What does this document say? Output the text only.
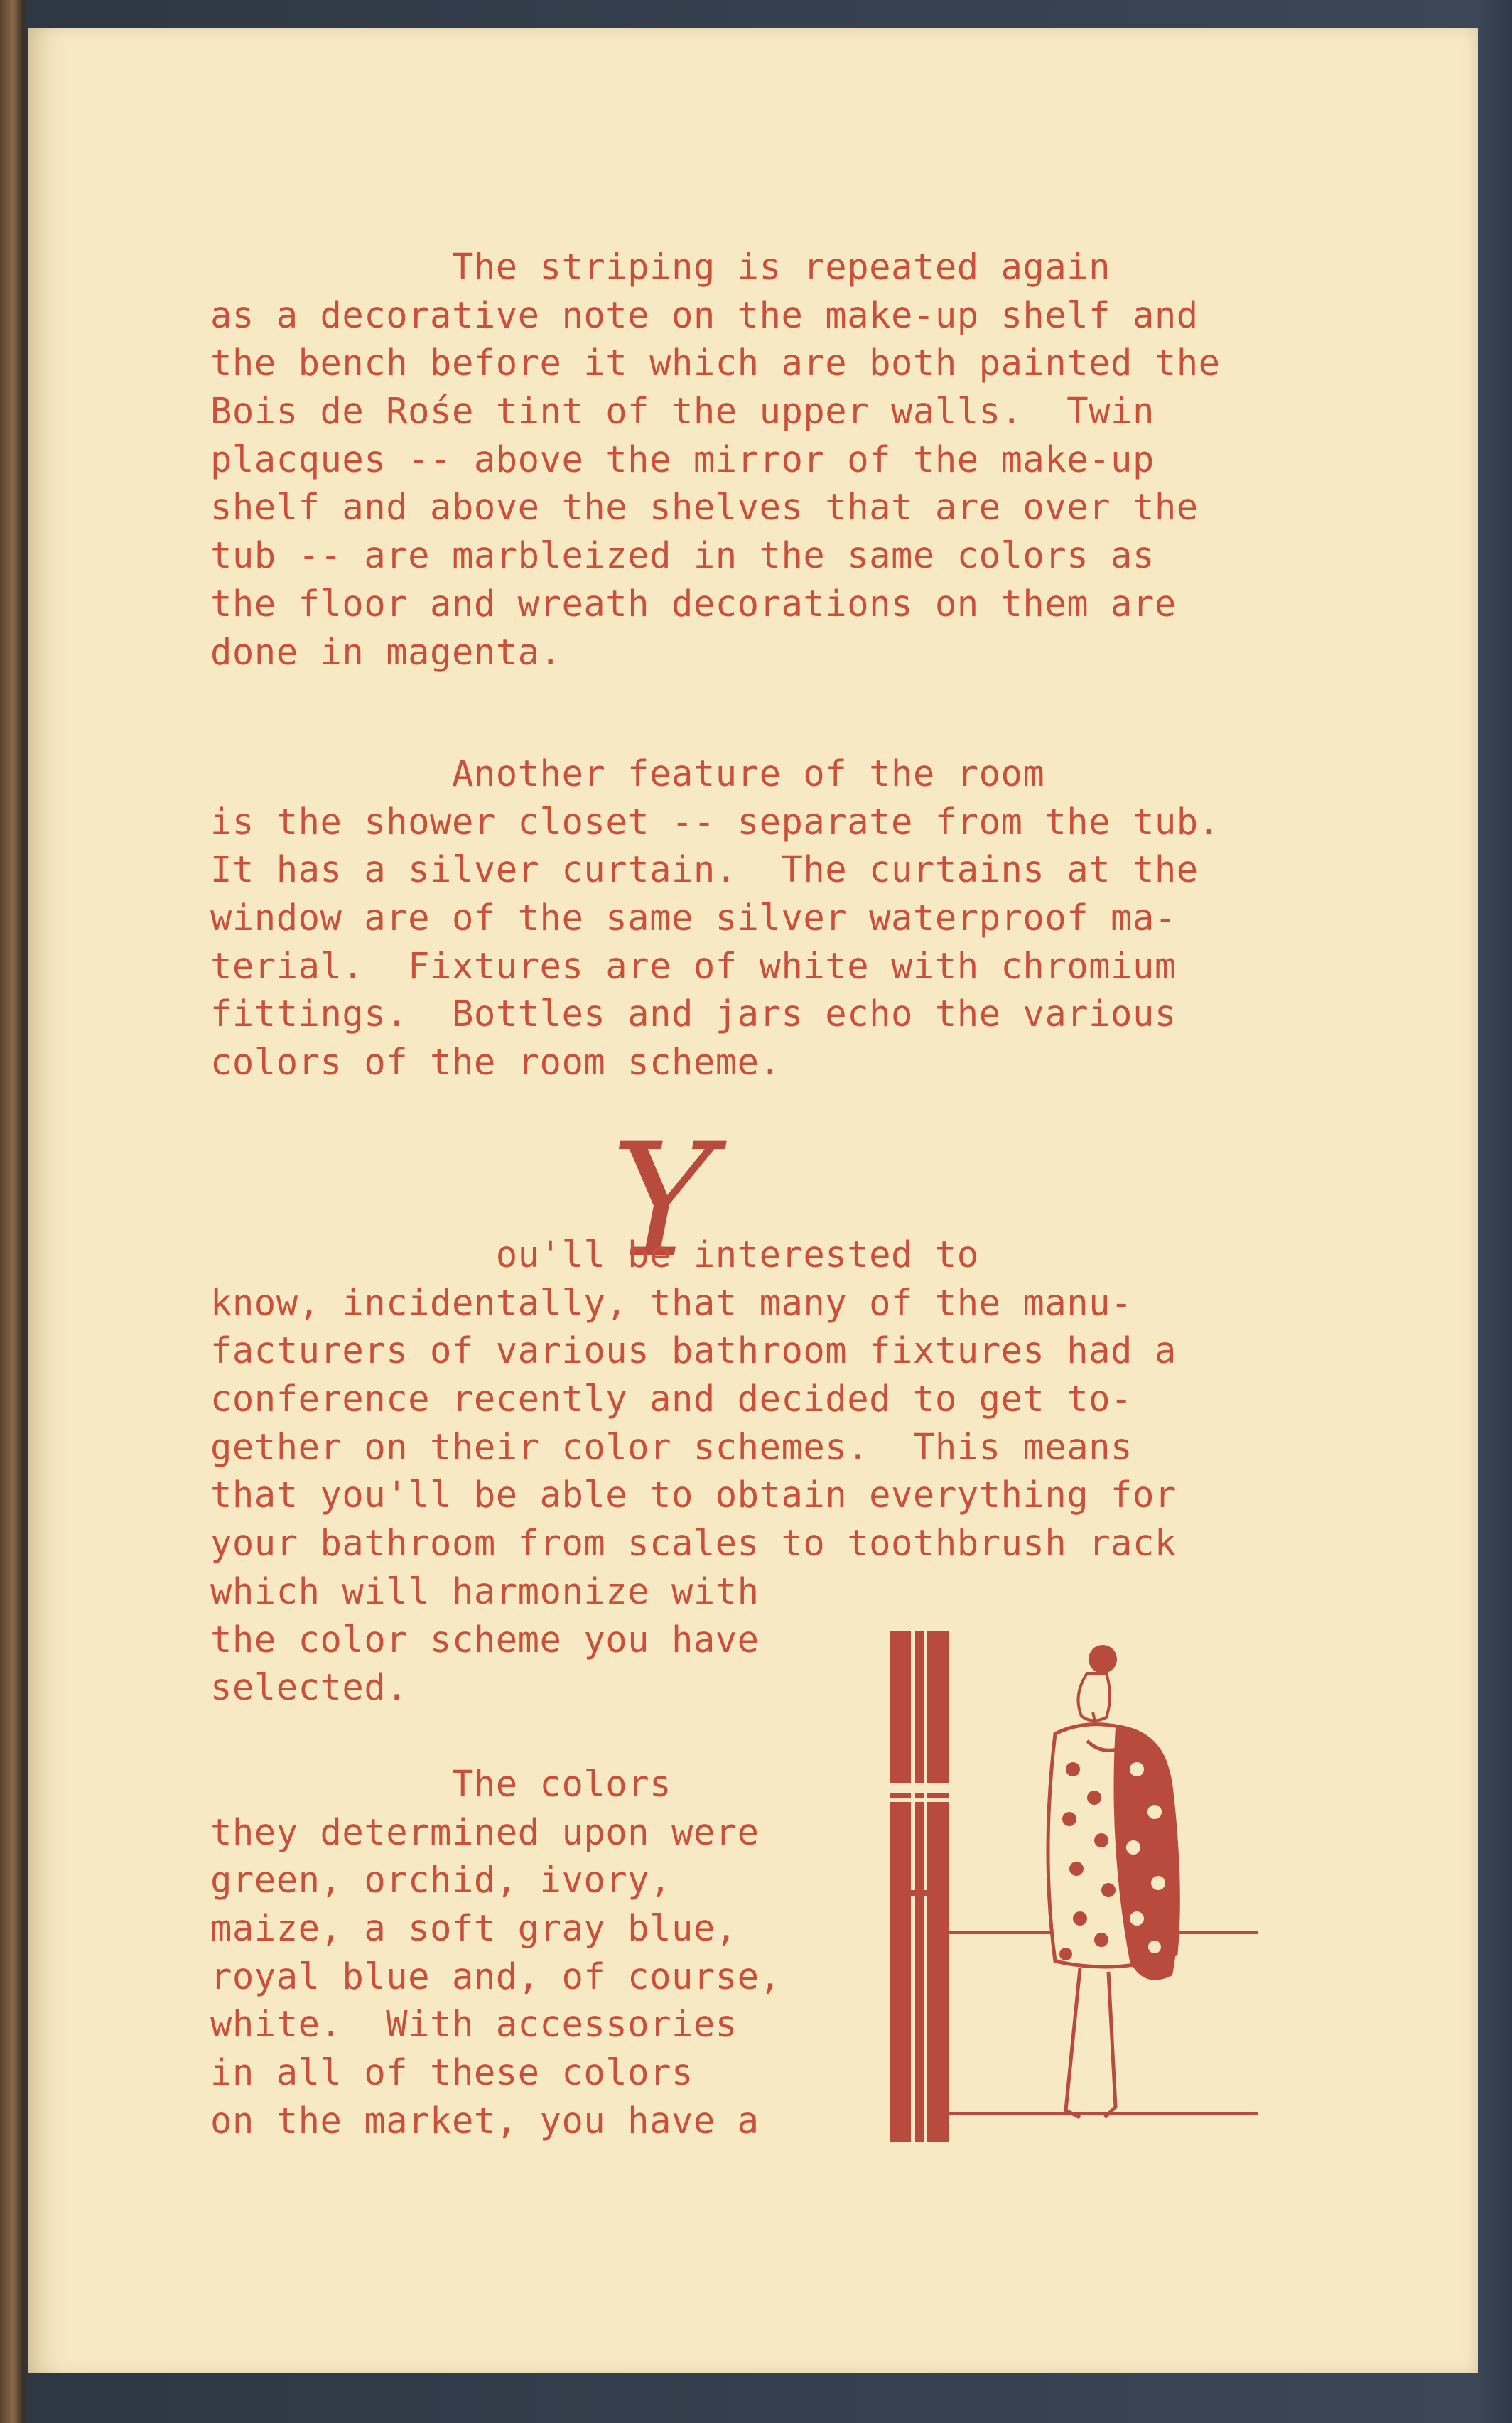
The striping is repeated again
as a decorative note on the make-up shelf and
the bench before it which are both painted the
Bois de Rośe tint of the upper walls.  Twin
placques -- above the mirror of the make-up
shelf and above the shelves that are over the
tub -- are marbleized in the same colors as
the floor and wreath decorations on them are
done in magenta.
Another feature of the room
is the shower closet -- separate from the tub.
It has a silver curtain.  The curtains at the
window are of the same silver waterproof ma-
terial.  Fixtures are of white with chromium
fittings.  Bottles and jars echo the various
colors of the room scheme.
Y
ou'll be interested to
know, incidentally, that many of the manu-
facturers of various bathroom fixtures had a
conference recently and decided to get to-
gether on their color schemes.  This means
that you'll be able to obtain everything for
your bathroom from scales to toothbrush rack
which will harmonize with
the color scheme you have
selected.
The colors
they determined upon were
green, orchid, ivory,
maize, a soft gray blue,
royal blue and, of course,
white.  With accessories
in all of these colors
on the market, you have a
